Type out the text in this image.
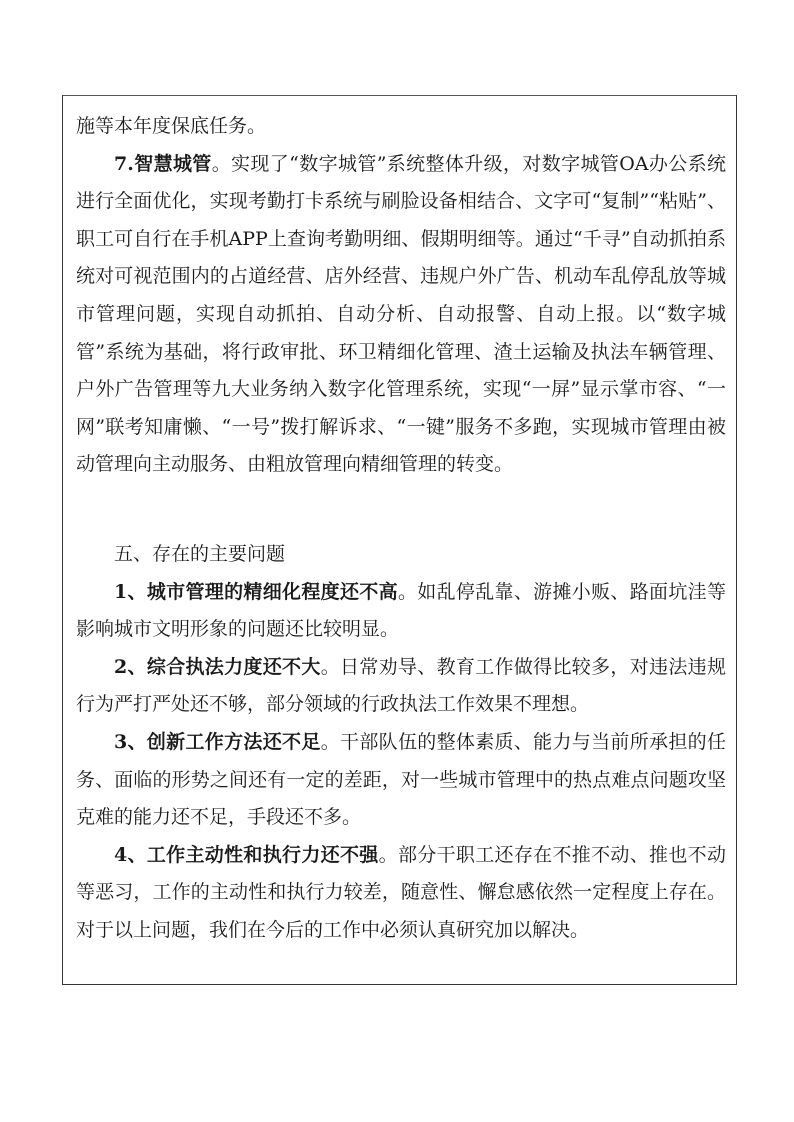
施等本年度保底任务。

7.智慧城管。实现了“数字城管”系统整体升级，对数字城管OA办公系统进行全面优化，实现考勤打卡系统与刷脸设备相结合、文字可“复制”“粘贴”、职工可自行在手机APP上查询考勤明细、假期明细等。通过“千寻”自动抓拍系统对可视范围内的占道经营、店外经营、违规户外广告、机动车乱停乱放等城市管理问题，实现自动抓拍、自动分析、自动报警、自动上报。以“数字城管”系统为基础，将行政审批、环卫精细化管理、渣土运输及执法车辆管理、户外广告管理等九大业务纳入数字化管理系统，实现“一屏”显示掌市容、“一网”联考知庸懒、“一号”拨打解诉求、“一键”服务不多跑，实现城市管理由被动管理向主动服务、由粗放管理向精细管理的转变。

五、存在的主要问题

1、城市管理的精细化程度还不高。如乱停乱靠、游摊小贩、路面坑洼等影响城市文明形象的问题还比较明显。

2、综合执法力度还不大。日常劝导、教育工作做得比较多，对违法违规行为严打严处还不够，部分领域的行政执法工作效果不理想。

3、创新工作方法还不足。干部队伍的整体素质、能力与当前所承担的任务、面临的形势之间还有一定的差距，对一些城市管理中的热点难点问题攻坚克难的能力还不足，手段还不多。

4、工作主动性和执行力还不强。部分干职工还存在不推不动、推也不动等恶习，工作的主动性和执行力较差，随意性、懈怠感依然一定程度上存在。对于以上问题，我们在今后的工作中必须认真研究加以解决。
